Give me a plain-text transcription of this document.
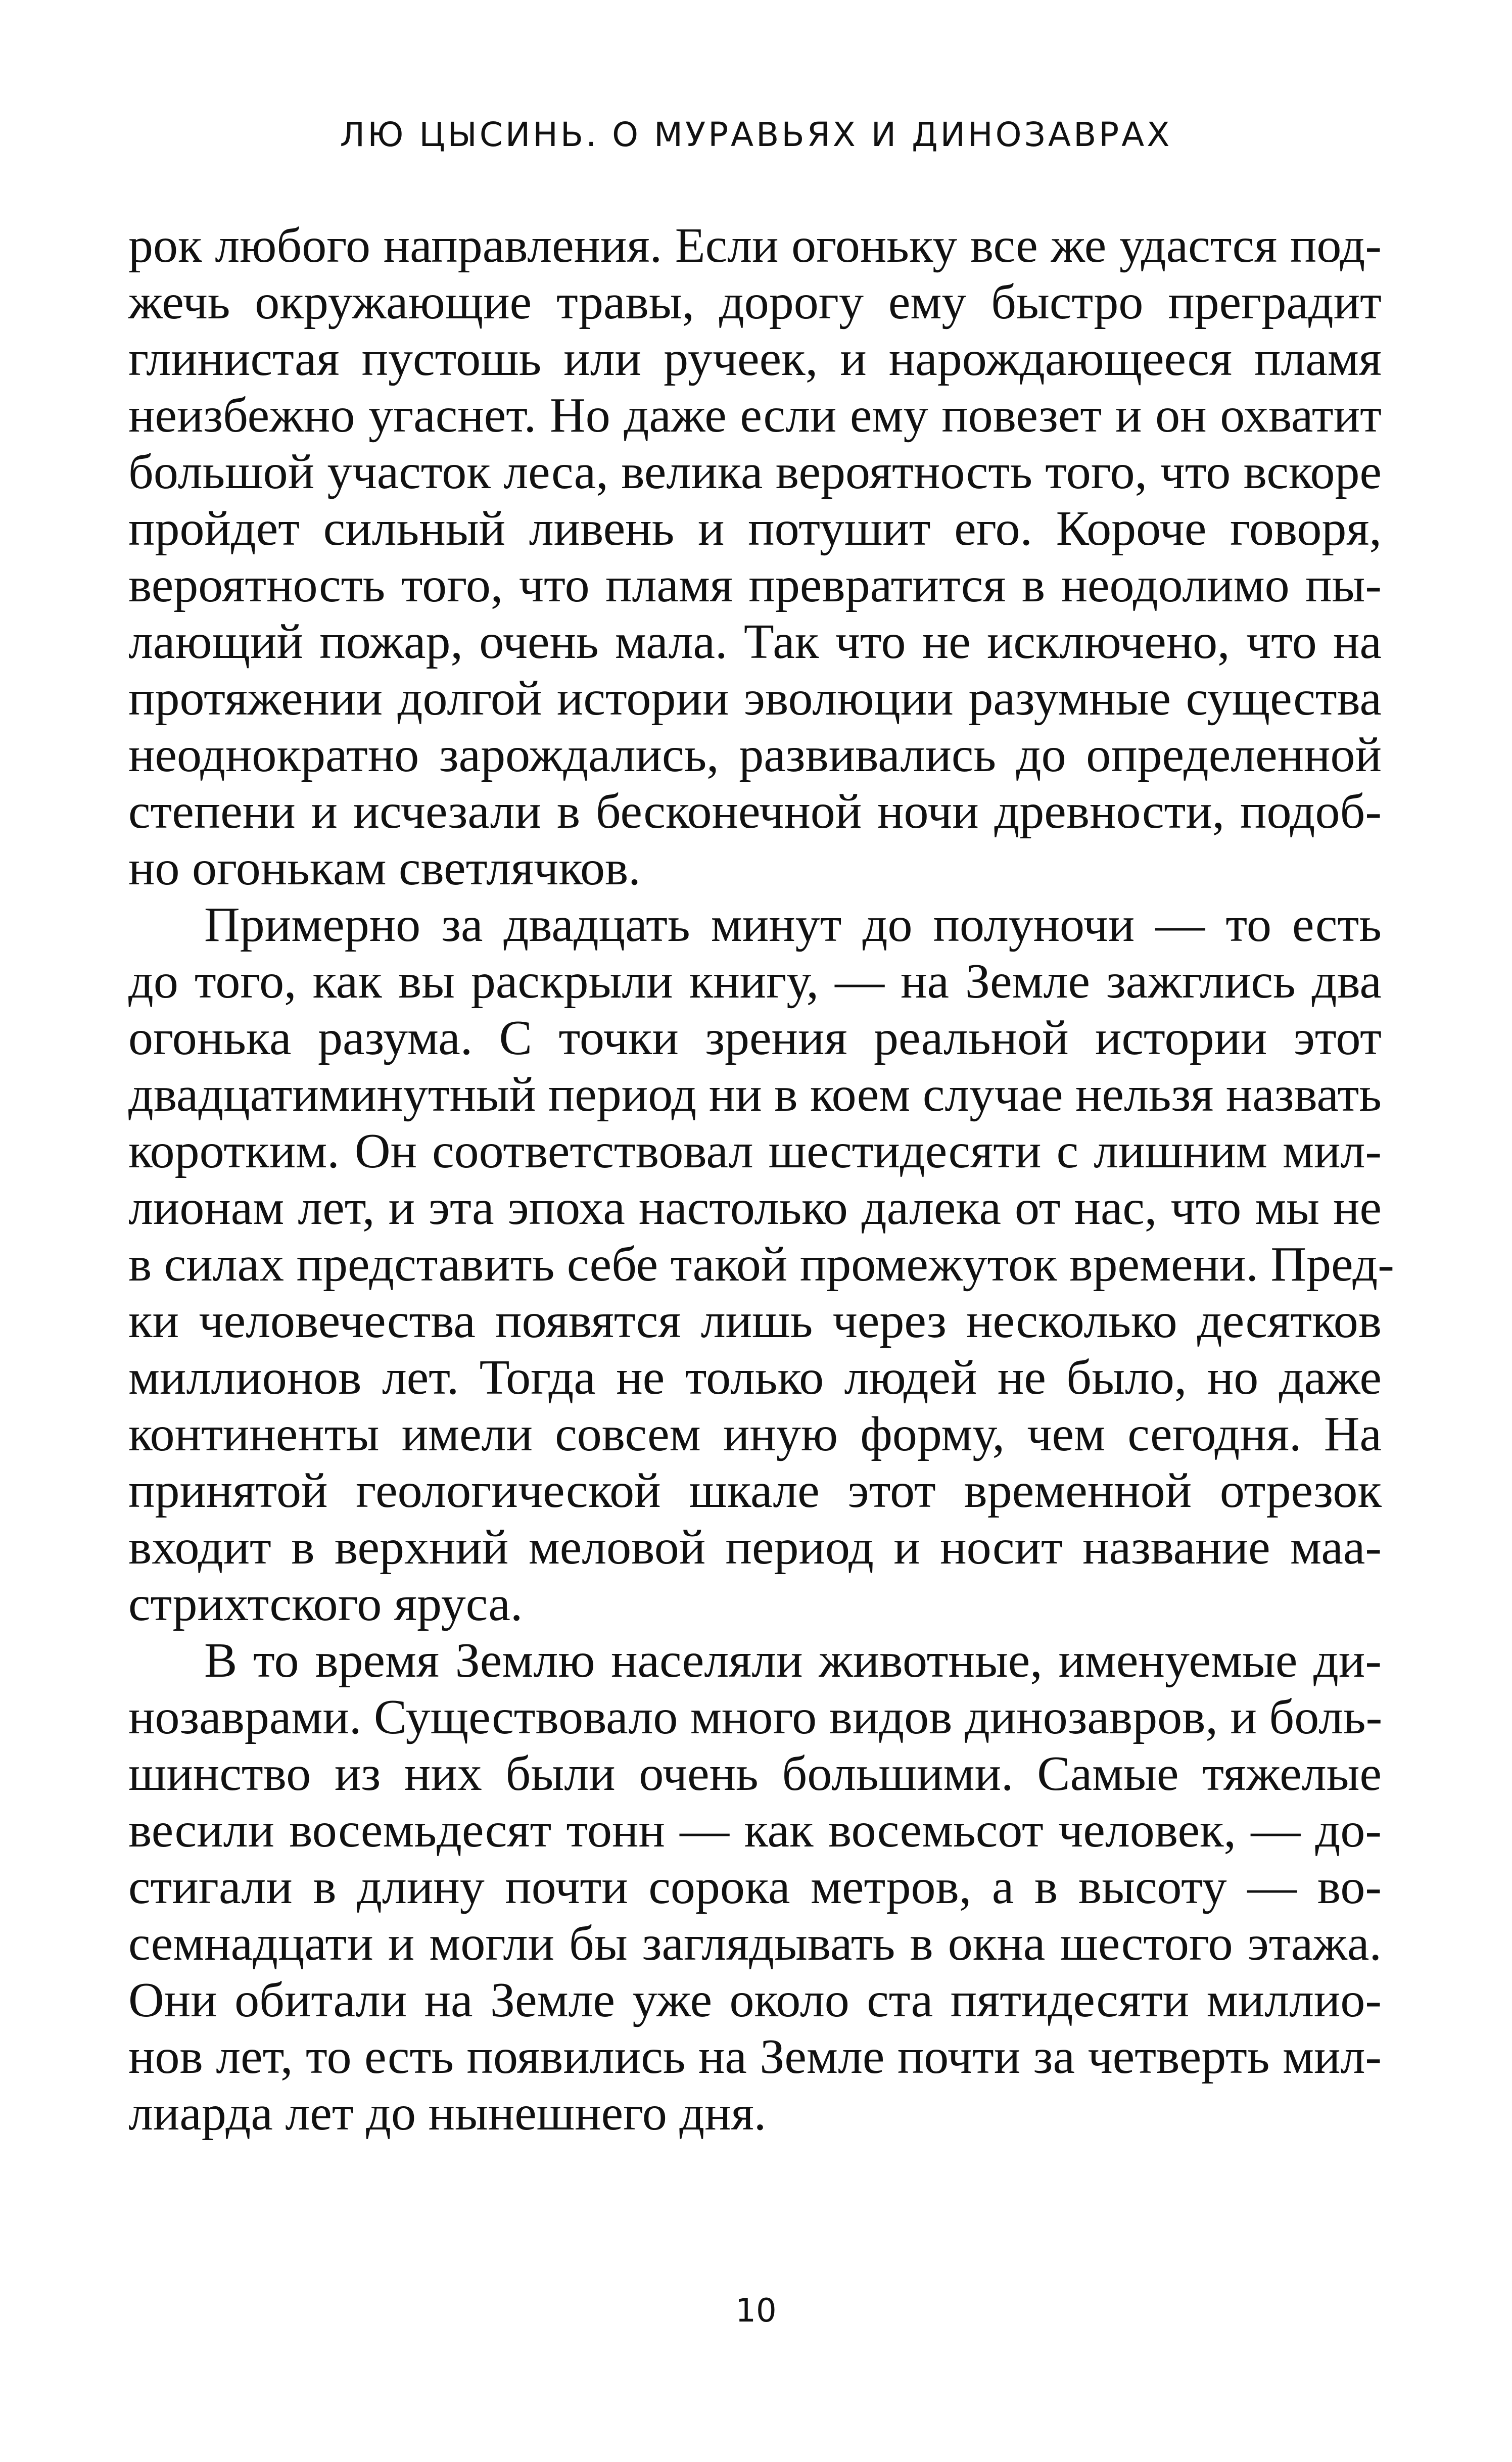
ЛЮ ЦЫСИНЬ. О МУРАВЬЯХ И ДИНОЗАВРАХ

рок любого направления. Если огоньку все же удастся под-
жечь окружающие травы, дорогу ему быстро преградит
глинистая пустошь или ручеек, и нарождающееся пламя
неизбежно угаснет. Но даже если ему повезет и он охватит
большой участок леса, велика вероятность того, что вскоре
пройдет сильный ливень и потушит его. Короче говоря,
вероятность того, что пламя превратится в неодолимо пы-
лающий пожар, очень мала. Так что не исключено, что на
протяжении долгой истории эволюции разумные существа
неоднократно зарождались, развивались до определенной
степени и исчезали в бесконечной ночи древности, подоб-
но огонькам светлячков.

Примерно за двадцать минут до полуночи — то есть
до того, как вы раскрыли книгу, — на Земле зажглись два
огонька разума. С точки зрения реальной истории этот
двадцатиминутный период ни в коем случае нельзя назвать
коротким. Он соответствовал шестидесяти с лишним мил-
лионам лет, и эта эпоха настолько далека от нас, что мы не
в силах представить себе такой промежуток времени. Пред-
ки человечества появятся лишь через несколько десятков
миллионов лет. Тогда не только людей не было, но даже
континенты имели совсем иную форму, чем сегодня. На
принятой геологической шкале этот временной отрезок
входит в верхний меловой период и носит название маа-
стрихтского яруса.

В то время Землю населяли животные, именуемые ди-
нозаврами. Существовало много видов динозавров, и боль-
шинство из них были очень большими. Самые тяжелые
весили восемьдесят тонн — как восемьсот человек, — до-
стигали в длину почти сорока метров, а в высоту — во-
семнадцати и могли бы заглядывать в окна шестого этажа.
Они обитали на Земле уже около ста пятидесяти миллио-
нов лет, то есть появились на Земле почти за четверть мил-
лиарда лет до нынешнего дня.

10
